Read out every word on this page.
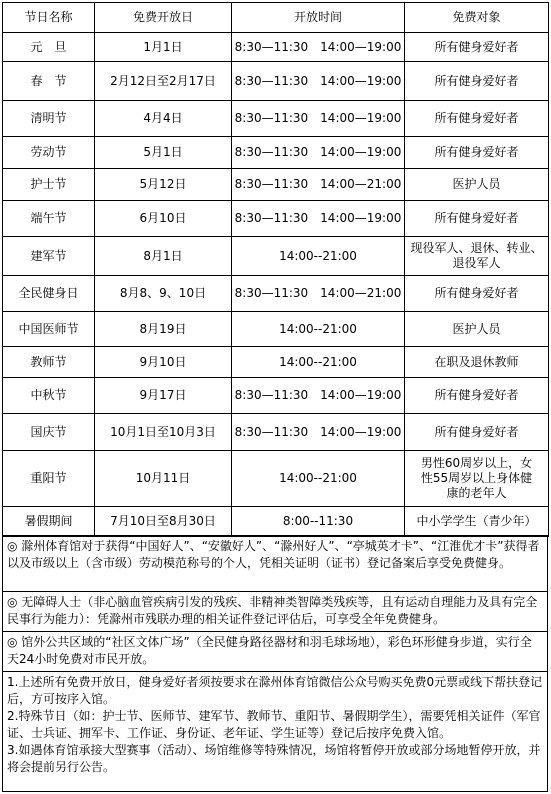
节日名称	免费开放日	开放时间	免费对象
元　旦	1月1日	8:30—11:30　14:00—19:00	所有健身爱好者
春　节	2月12日至2月17日	8:30—11:30　14:00—19:00	所有健身爱好者
清明节	4月4日	8:30—11:30　14:00—19:00	所有健身爱好者
劳动节	5月1日	8:30—11:30　14:00—19:00	所有健身爱好者
护士节	5月12日	8:30—11:30　14:00—21:00	医护人员
端午节	6月10日	8:30—11:30　14:00—19:00	所有健身爱好者
建军节	8月1日	14:00--21:00	现役军人、退休、转业、退役军人
全民健身日	8月8、9、10日	8:30—11:30　14:00—21:00	所有健身爱好者
中国医师节	8月19日	14:00--21:00	医护人员
教师节	9月10日	14:00--21:00	在职及退休教师
中秋节	9月17日	8:30—11:30　14:00—19:00	所有健身爱好者
国庆节	10月1日至10月3日	8:30—11:30　14:00—19:00	所有健身爱好者
重阳节	10月11日	14:00--21:00	男性60周岁以上，女性55周岁以上身体健康的老年人
暑假期间	7月10日至8月30日	8:00--11:30	中小学学生（青少年）

◎ 滁州体育馆对于获得“中国好人”、“安徽好人”、“滁州好人”、“亭城英才卡”、“江淮优才卡”获得者以及市级以上（含市级）劳动模范称号的个人，凭相关证明（证书）登记备案后享受免费健身。

◎ 无障碍人士（非心脑血管疾病引发的残疾、非精神类智障类残疾等，且有运动自理能力及具有完全民事行为能力）：凭滁州市残联办理的相关证件登记评估后，可享受全年免费健身。

◎ 馆外公共区域的“社区文体广场”（全民健身路径器材和羽毛球场地），彩色环形健身步道，实行全天24小时免费对市民开放。

1.上述所有免费开放日，健身爱好者须按要求在滁州体育馆微信公众号购买免费0元票或线下帮扶登记后，方可按序入馆。

2.特殊节日（如：护士节、医师节、建军节、教师节、重阳节、暑假期学生），需要凭相关证件（军官证、士兵证、拥军卡、工作证、身份证、老年证、学生证等）登记后按序免费入馆。

3.如遇体育馆承接大型赛事（活动）、场馆维修等特殊情况，场馆将暂停开放或部分场地暂停开放，并将会提前另行公告。
